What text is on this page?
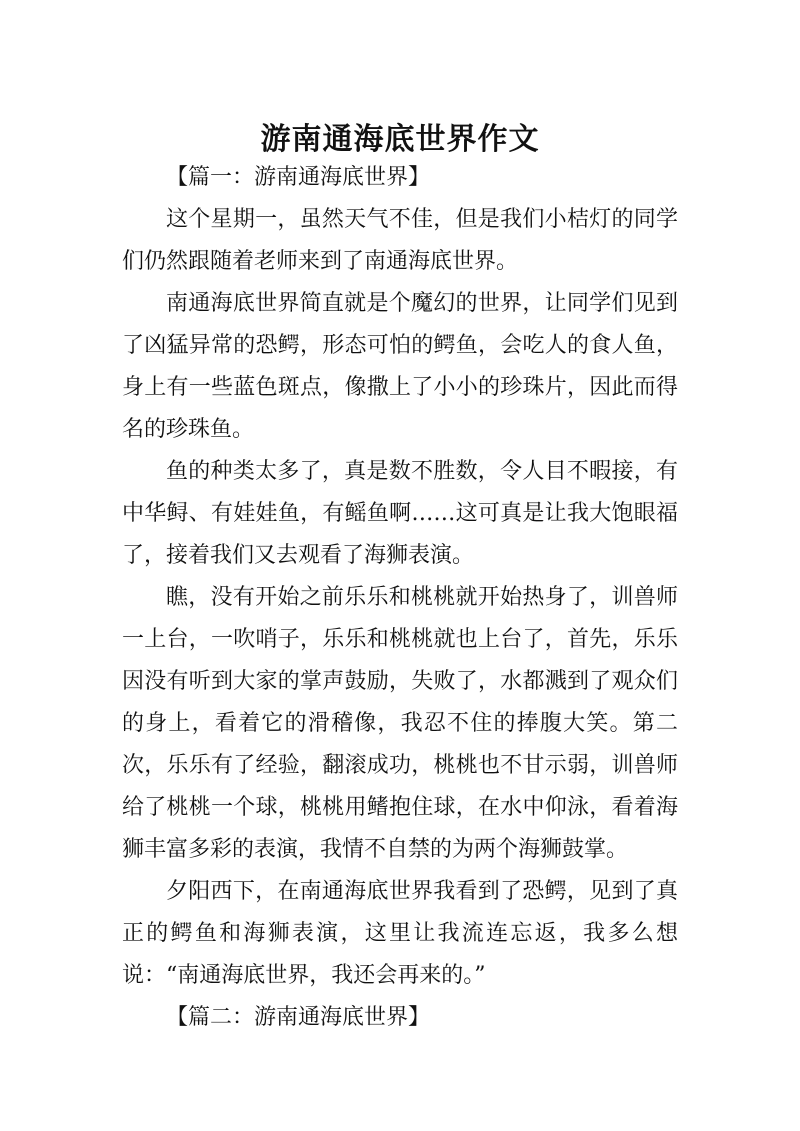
游南通海底世界作文

【篇一：游南通海底世界】

这个星期一，虽然天气不佳，但是我们小桔灯的同学们仍然跟随着老师来到了南通海底世界。

南通海底世界简直就是个魔幻的世界，让同学们见到了凶猛异常的恐鳄，形态可怕的鳄鱼，会吃人的食人鱼，身上有一些蓝色斑点，像撒上了小小的珍珠片，因此而得名的珍珠鱼。

鱼的种类太多了，真是数不胜数，令人目不暇接，有中华鲟、有娃娃鱼，有鳐鱼啊……这可真是让我大饱眼福了，接着我们又去观看了海狮表演。

瞧，没有开始之前乐乐和桃桃就开始热身了，训兽师一上台，一吹哨子，乐乐和桃桃就也上台了，首先，乐乐因没有听到大家的掌声鼓励，失败了，水都溅到了观众们的身上，看着它的滑稽像，我忍不住的捧腹大笑。第二次，乐乐有了经验，翻滚成功，桃桃也不甘示弱，训兽师给了桃桃一个球，桃桃用鳍抱住球，在水中仰泳，看着海狮丰富多彩的表演，我情不自禁的为两个海狮鼓掌。

夕阳西下，在南通海底世界我看到了恐鳄，见到了真正的鳄鱼和海狮表演，这里让我流连忘返，我多么想说：“南通海底世界，我还会再来的。”

【篇二：游南通海底世界】
